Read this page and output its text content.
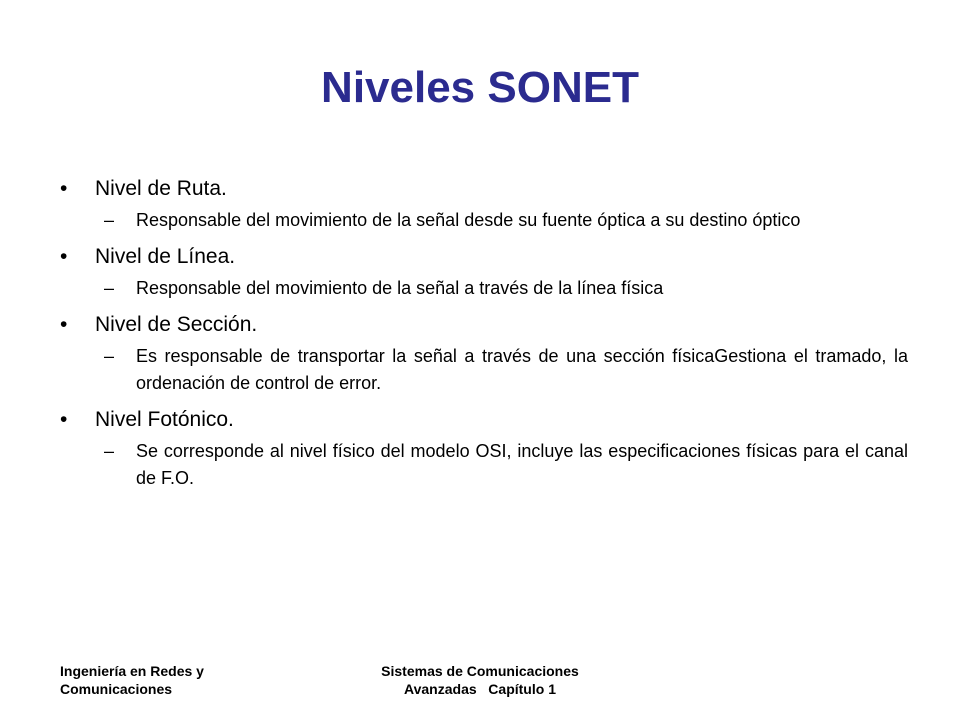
Niveles SONET
•	Nivel de Ruta.
–	Responsable del movimiento de la señal desde su fuente óptica a su destino óptico
•	Nivel de Línea.
–	Responsable del movimiento de la señal a través de la línea física
•	Nivel de Sección.
–	Es responsable de transportar la señal a través de una sección físicaGestiona el tramado, la ordenación de control de error.
•	Nivel Fotónico.
–	Se corresponde al nivel físico del modelo OSI, incluye las especificaciones físicas para el canal de F.O.
Ingeniería en Redes y
Comunicaciones
Sistemas de Comunicaciones
Avanzadas   Capítulo 1
